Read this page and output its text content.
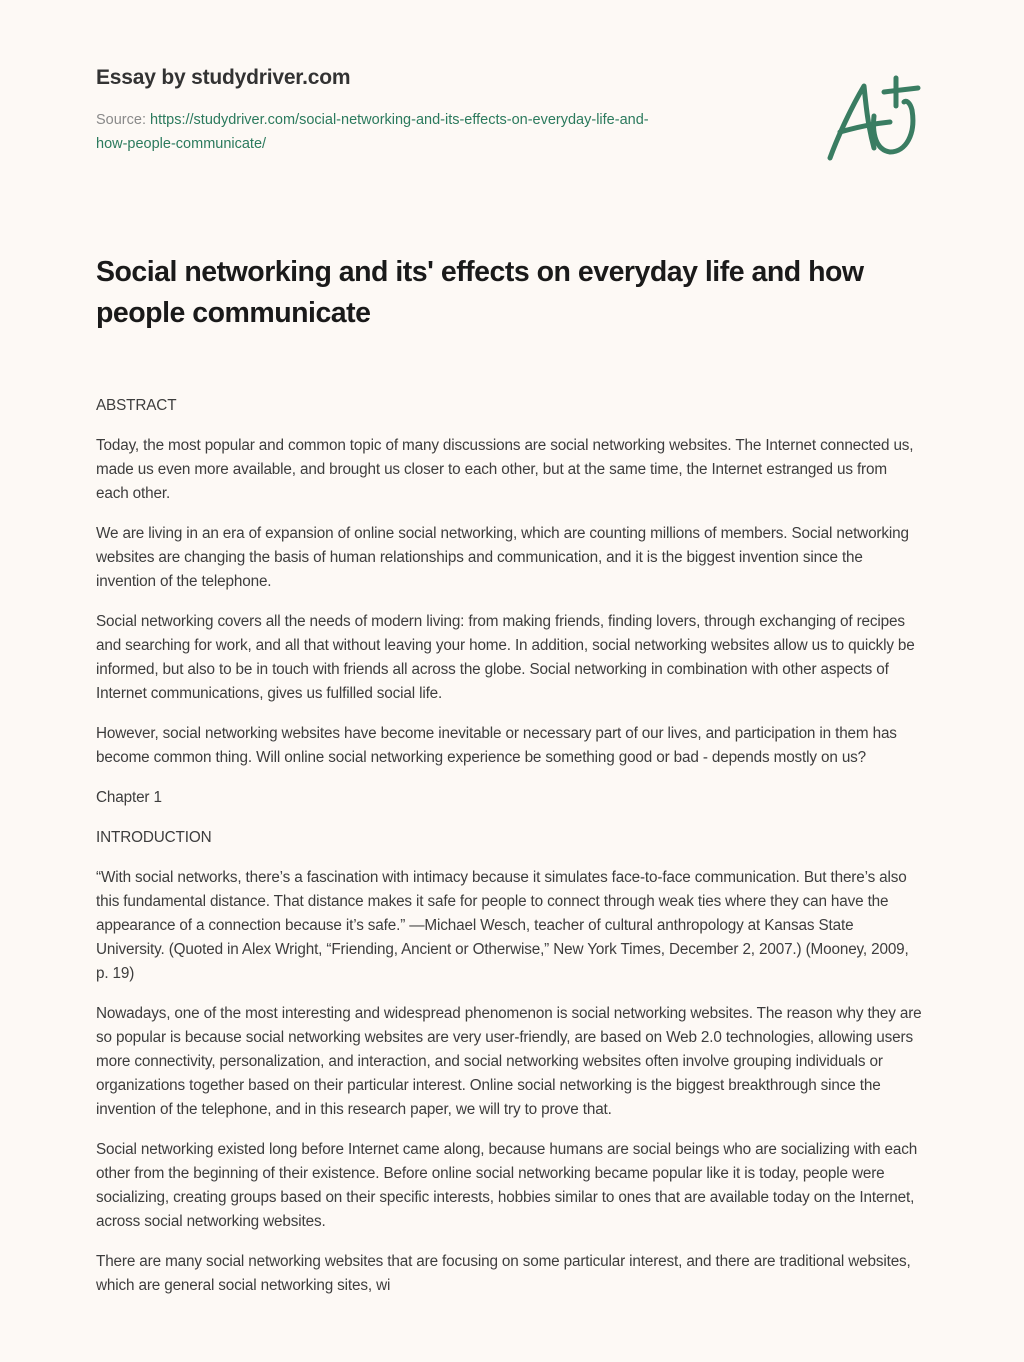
Essay by studydriver.com
Source: https://studydriver.com/social-networking-and-its-effects-on-everyday-life-and-
how-people-communicate/
Social networking and its' effects on everyday life and how people communicate

ABSTRACT

Today, the most popular and common topic of many discussions are social networking websites. The Internet connected us, made us even more available, and brought us closer to each other, but at the same time, the Internet estranged us from each other.

We are living in an era of expansion of online social networking, which are counting millions of members. Social networking websites are changing the basis of human relationships and communication, and it is the biggest invention since the invention of the telephone.

Social networking covers all the needs of modern living: from making friends, finding lovers, through exchanging of recipes and searching for work, and all that without leaving your home. In addition, social networking websites allow us to quickly be informed, but also to be in touch with friends all across the globe. Social networking in combination with other aspects of Internet communications, gives us fulfilled social life.

However, social networking websites have become inevitable or necessary part of our lives, and participation in them has become common thing. Will online social networking experience be something good or bad - depends mostly on us?

Chapter 1

INTRODUCTION

“With social networks, there’s a fascination with intimacy because it simulates face-to-face communication. But there’s also this fundamental distance. That distance makes it safe for people to connect through weak ties where they can have the appearance of a connection because it’s safe.” —Michael Wesch, teacher of cultural anthropology at Kansas State University. (Quoted in Alex Wright, “Friending, Ancient or Otherwise,” New York Times, December 2, 2007.) (Mooney, 2009, p. 19)

Nowadays, one of the most interesting and widespread phenomenon is social networking websites. The reason why they are so popular is because social networking websites are very user-friendly, are based on Web 2.0 technologies, allowing users more connectivity, personalization, and interaction, and social networking websites often involve grouping individuals or organizations together based on their particular interest. Online social networking is the biggest breakthrough since the invention of the telephone, and in this research paper, we will try to prove that.

Social networking existed long before Internet came along, because humans are social beings who are socializing with each other from the beginning of their existence. Before online social networking became popular like it is today, people were socializing, creating groups based on their specific interests, hobbies similar to ones that are available today on the Internet, across social networking websites.

There are many social networking websites that are focusing on some particular interest, and there are traditional websites, which are general social networking sites, wi
